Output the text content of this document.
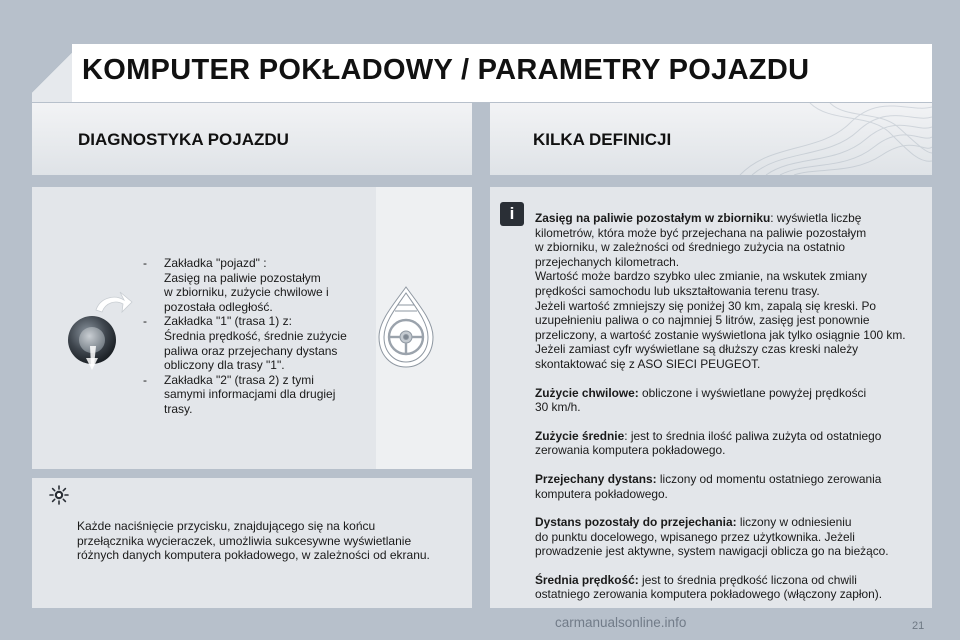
KOMPUTER POKŁADOWY / PARAMETRY POJAZDU
DIAGNOSTYKA POJAZDU	KILKA DEFINICJI
- Zakładka "pojazd" :
Zasięg na paliwie pozostałym
w zbiorniku, zużycie chwilowe i
pozostała odległość.
- Zakładka "1" (trasa 1) z:
Średnia prędkość, średnie zużycie
paliwa oraz przejechany dystans
obliczony dla trasy "1".
- Zakładka "2" (trasa 2) z tymi
samymi informacjami dla drugiej
trasy.
Każde naciśnięcie przycisku, znajdującego się na końcu
przełącznika wycieraczek, umożliwia sukcesywne wyświetlanie
różnych danych komputera pokładowego, w zależności od ekranu.
i	Zasięg na paliwie pozostałym w zbiorniku: wyświetla liczbę
kilometrów, która może być przejechana na paliwie pozostałym
w zbiorniku, w zależności od średniego zużycia na ostatnio
przejechanych kilometrach.
Wartość może bardzo szybko ulec zmianie, na wskutek zmiany
prędkości samochodu lub ukształtowania terenu trasy.
Jeżeli wartość zmniejszy się poniżej 30 km, zapalą się kreski. Po
uzupełnieniu paliwa o co najmniej 5 litrów, zasięg jest ponownie
przeliczony, a wartość zostanie wyświetlona jak tylko osiągnie 100 km.
Jeżeli zamiast cyfr wyświetlane są dłuższy czas kreski należy
skontaktować się z ASO SIECI PEUGEOT.
Zużycie chwilowe: obliczone i wyświetlane powyżej prędkości
30 km/h.
Zużycie średnie: jest to średnia ilość paliwa zużyta od ostatniego
zerowania komputera pokładowego.
Przejechany dystans: liczony od momentu ostatniego zerowania
komputera pokładowego.
Dystans pozostały do przejechania: liczony w odniesieniu
do punktu docelowego, wpisanego przez użytkownika. Jeżeli
prowadzenie jest aktywne, system nawigacji oblicza go na bieżąco.
Średnia prędkość: jest to średnia prędkość liczona od chwili
ostatniego zerowania komputera pokładowego (włączony zapłon).
21
carmanualsonline.info
